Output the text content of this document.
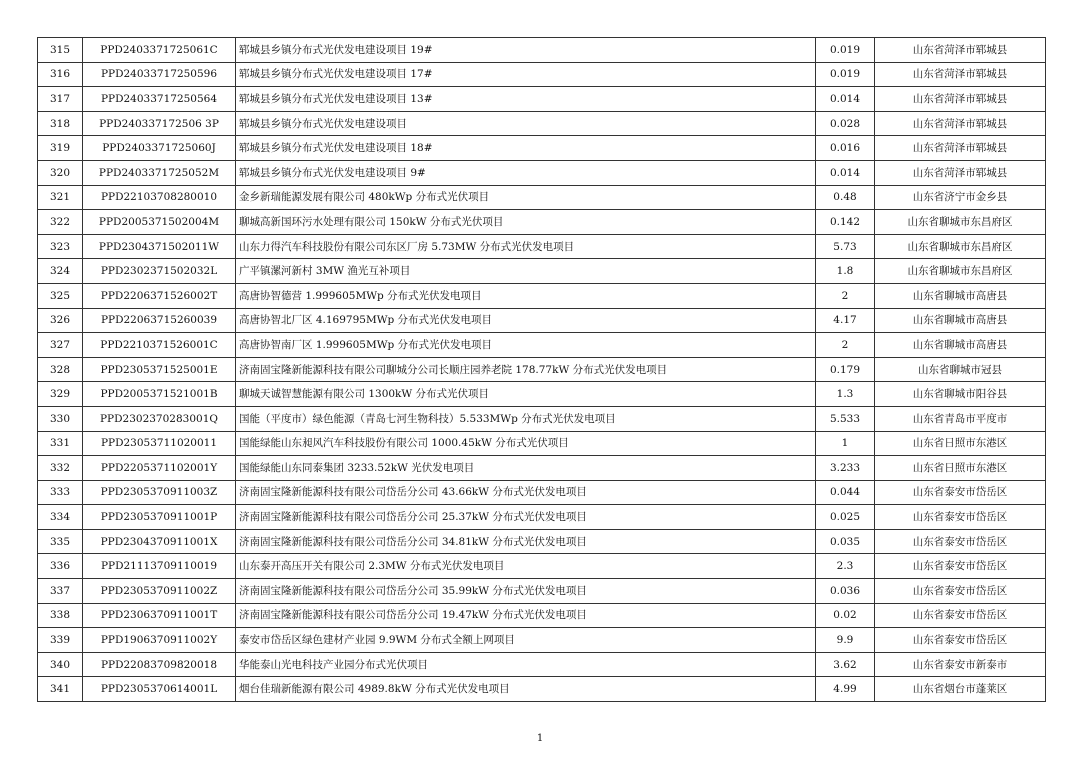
315	PPD2403371725061C	郓城县乡镇分布式光伏发电建设项目 19#	0.019	山东省菏泽市郓城县
316	PPD24033717250596	郓城县乡镇分布式光伏发电建设项目 17#	0.019	山东省菏泽市郓城县
317	PPD24033717250564	郓城县乡镇分布式光伏发电建设项目 13#	0.014	山东省菏泽市郓城县
318	PPD240337172506 3P	郓城县乡镇分布式光伏发电建设项目	0.028	山东省菏泽市郓城县
319	PPD2403371725060J	郓城县乡镇分布式光伏发电建设项目 18#	0.016	山东省菏泽市郓城县
320	PPD2403371725052M	郓城县乡镇分布式光伏发电建设项目 9#	0.014	山东省菏泽市郓城县
321	PPD22103708280010	金乡新瑞能源发展有限公司 480kWp 分布式光伏项目	0.48	山东省济宁市金乡县
322	PPD2005371502004M	聊城高新国环污水处理有限公司 150kW 分布式光伏项目	0.142	山东省聊城市东昌府区
323	PPD2304371502011W	山东力得汽车科技股份有限公司东区厂房 5.73MW 分布式光伏发电项目	5.73	山东省聊城市东昌府区
324	PPD2302371502032L	广平镇漯河新村 3MW 渔光互补项目	1.8	山东省聊城市东昌府区
325	PPD2206371526002T	高唐协智德营 1.999605MWp 分布式光伏发电项目	2	山东省聊城市高唐县
326	PPD22063715260039	高唐协智北厂区 4.169795MWp 分布式光伏发电项目	4.17	山东省聊城市高唐县
327	PPD2210371526001C	高唐协智南厂区 1.999605MWp 分布式光伏发电项目	2	山东省聊城市高唐县
328	PPD2305371525001E	济南固宝隆新能源科技有限公司聊城分公司长顺庄园养老院 178.77kW 分布式光伏发电项目	0.179	山东省聊城市冠县
329	PPD2005371521001B	聊城天诚智慧能源有限公司 1300kW 分布式光伏项目	1.3	山东省聊城市阳谷县
330	PPD2302370283001Q	国能（平度市）绿色能源（青岛七河生物科技）5.533MWp 分布式光伏发电项目	5.533	山东省青岛市平度市
331	PPD23053711020011	国能绿能山东昶风汽车科技股份有限公司 1000.45kW 分布式光伏项目	1	山东省日照市东港区
332	PPD2205371102001Y	国能绿能山东同泰集团 3233.52kW 光伏发电项目	3.233	山东省日照市东港区
333	PPD2305370911003Z	济南固宝隆新能源科技有限公司岱岳分公司 43.66kW 分布式光伏发电项目	0.044	山东省泰安市岱岳区
334	PPD2305370911001P	济南固宝隆新能源科技有限公司岱岳分公司 25.37kW 分布式光伏发电项目	0.025	山东省泰安市岱岳区
335	PPD2304370911001X	济南固宝隆新能源科技有限公司岱岳分公司 34.81kW 分布式光伏发电项目	0.035	山东省泰安市岱岳区
336	PPD21113709110019	山东泰开高压开关有限公司 2.3MW 分布式光伏发电项目	2.3	山东省泰安市岱岳区
337	PPD2305370911002Z	济南固宝隆新能源科技有限公司岱岳分公司 35.99kW 分布式光伏发电项目	0.036	山东省泰安市岱岳区
338	PPD2306370911001T	济南固宝隆新能源科技有限公司岱岳分公司 19.47kW 分布式光伏发电项目	0.02	山东省泰安市岱岳区
339	PPD1906370911002Y	泰安市岱岳区绿色建材产业园 9.9WM 分布式全额上网项目	9.9	山东省泰安市岱岳区
340	PPD22083709820018	华能泰山光电科技产业园分布式光伏项目	3.62	山东省泰安市新泰市
341	PPD2305370614001L	烟台佳瑞新能源有限公司 4989.8kW 分布式光伏发电项目	4.99	山东省烟台市蓬莱区
1
